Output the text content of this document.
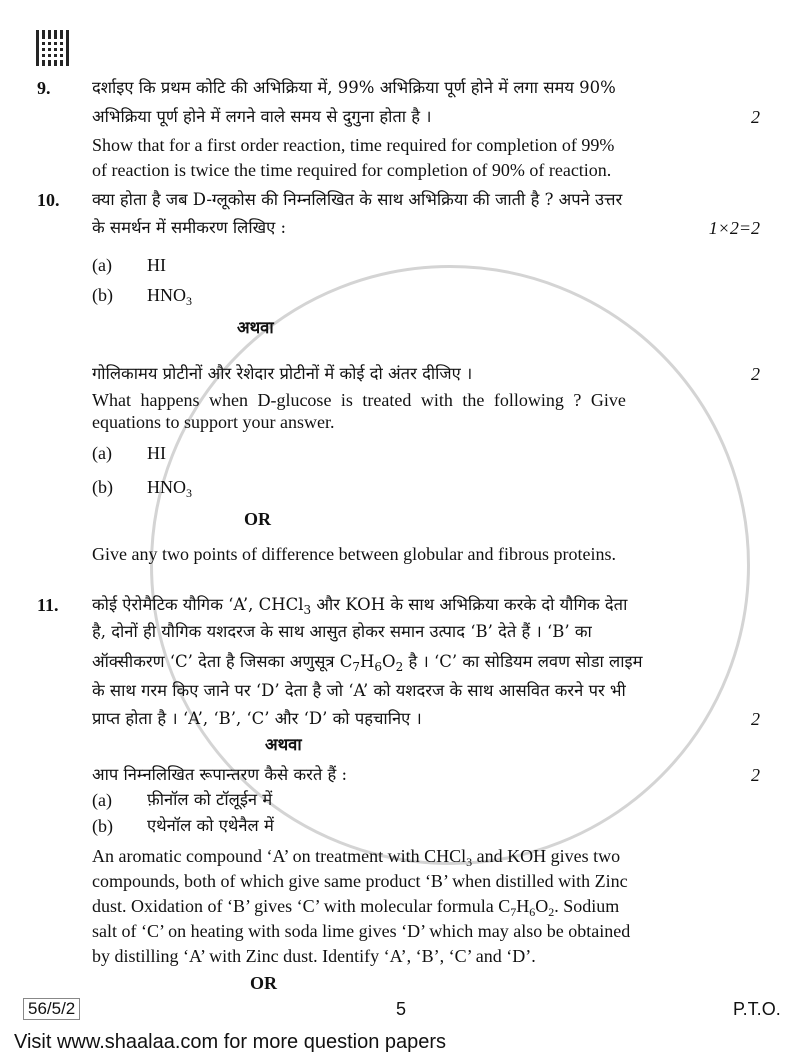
9.	दर्शाइए कि प्रथम कोटि की अभिक्रिया में, 99% अभिक्रिया पूर्ण होने में लगा समय 90%
अभिक्रिया पूर्ण होने में लगने वाले समय से दुगुना होता है ।	2
Show that for a first order reaction, time required for completion of 99%
of reaction is twice the time required for completion of 90% of reaction.
10. क्या होता है जब D-ग्लूकोस की निम्नलिखित के साथ अभिक्रिया की जाती है ? अपने उत्तर
के समर्थन में समीकरण लिखिए :	1×2=2
(a) HI
(b) $HNO_3$
अथवा
गोलिकामय प्रोटीनों और रेशेदार प्रोटीनों में कोई दो अंतर दीजिए ।	2
What happens when D-glucose is treated with the following ? Give
equations to support your answer.
(a) HI
(b) $HNO_3$
OR
Give any two points of difference between globular and fibrous proteins.
11. कोई ऐरोमैटिक यौगिक ‘A’, CHCl$_3$ और KOH के साथ अभिक्रिया करके दो यौगिक देता
है, दोनों ही यौगिक यशदरज के साथ आसुत होकर समान उत्पाद ‘B’ देते हैं । ‘B’ का
ऑक्सीकरण ‘C’ देता है जिसका अणुसूत्र $C_7H_6O_2$ है । ‘C’ का सोडियम लवण सोडा लाइम
के साथ गरम किए जाने पर ‘D’ देता है जो ‘A’ को यशदरज के साथ आसवित करने पर भी
प्राप्त होता है । ‘A’, ‘B’, ‘C’ और ‘D’ को पहचानिए ।	2
अथवा
आप निम्नलिखित रूपान्तरण कैसे करते हैं :	2
(a) फ़ीनॉल को टॉलूईन में
(b) एथेनॉल को एथेनैल में
An aromatic compound ‘A’ on treatment with CHCl$_3$ and KOH gives two
compounds, both of which give same product ‘B’ when distilled with Zinc
dust. Oxidation of ‘B’ gives ‘C’ with molecular formula $C_7H_6O_2$. Sodium
salt of ‘C’ on heating with soda lime gives ‘D’ which may also be obtained
by distilling ‘A’ with Zinc dust. Identify ‘A’, ‘B’, ‘C’ and ‘D’.
OR
56/5/2	5	P.T.O.
Visit www.shaalaa.com for more question papers
